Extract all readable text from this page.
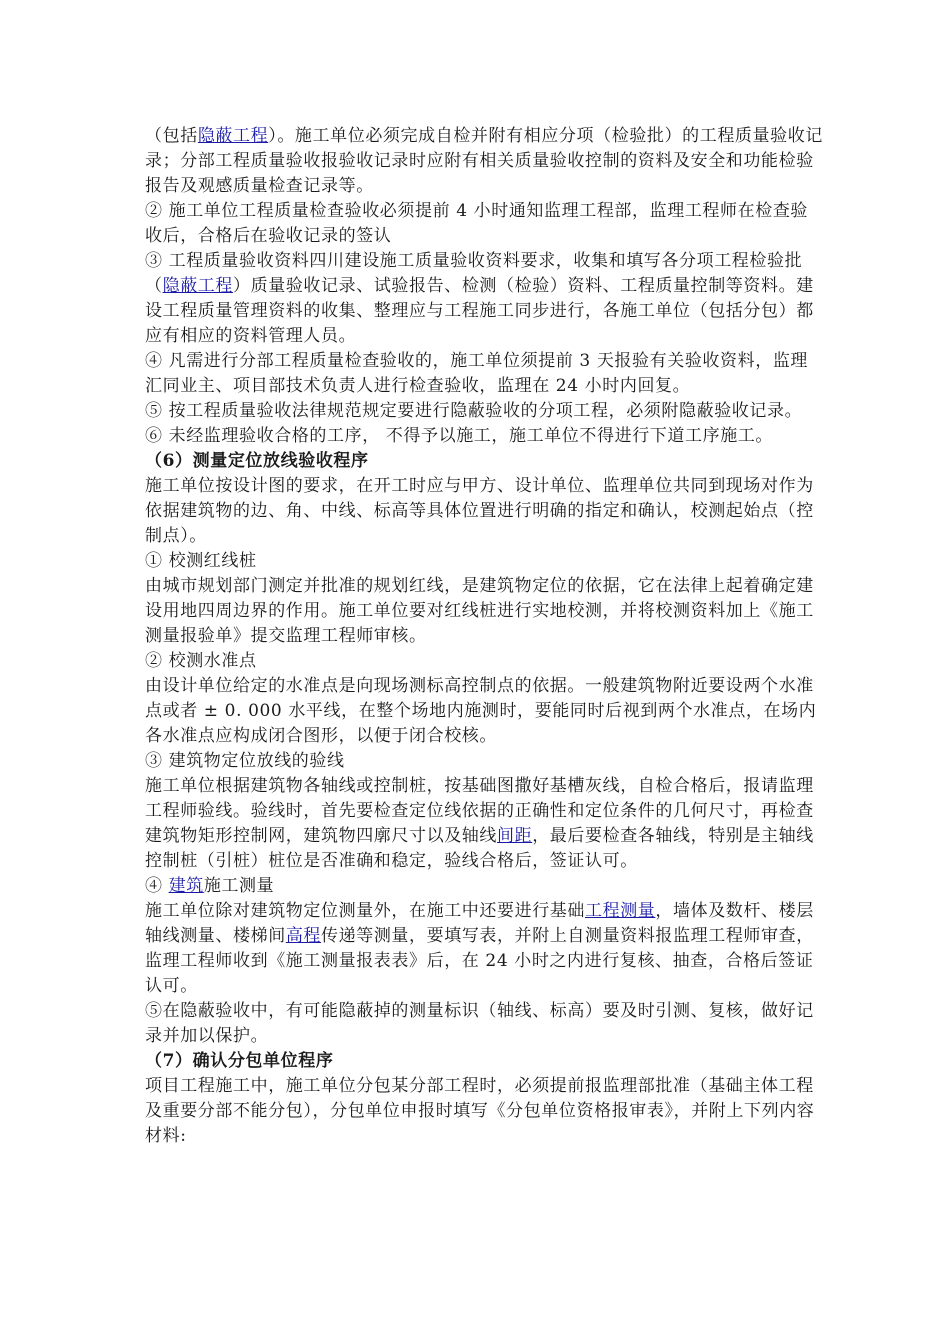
（包括隐蔽工程）。施工单位必须完成自检并附有相应分项（检验批）的工程质量验收记录；分部工程质量验收报验收记录时应附有相关质量验收控制的资料及安全和功能检验报告及观感质量检查记录等。

② 施工单位工程质量检查验收必须提前 4 小时通知监理工程部，监理工程师在检查验收后，合格后在验收记录的签认

③ 工程质量验收资料四川建设施工质量验收资料要求，收集和填写各分项工程检验批（隐蔽工程）质量验收记录、试验报告、检测（检验）资料、工程质量控制等资料。建设工程质量管理资料的收集、整理应与工程施工同步进行，各施工单位（包括分包）都应有相应的资料管理人员。

④ 凡需进行分部工程质量检查验收的，施工单位须提前 3 天报验有关验收资料，监理汇同业主、项目部技术负责人进行检查验收，监理在 24 小时内回复。

⑤ 按工程质量验收法律规范规定要进行隐蔽验收的分项工程，必须附隐蔽验收记录。

⑥ 未经监理验收合格的工序， 不得予以施工，施工单位不得进行下道工序施工。

（6）测量定位放线验收程序

施工单位按设计图的要求，在开工时应与甲方、设计单位、监理单位共同到现场对作为依据建筑物的边、角、中线、标高等具体位置进行明确的指定和确认，校测起始点（控制点）。

① 校测红线桩

由城市规划部门测定并批准的规划红线，是建筑物定位的依据，它在法律上起着确定建设用地四周边界的作用。施工单位要对红线桩进行实地校测，并将校测资料加上《施工测量报验单》提交监理工程师审核。

② 校测水准点

由设计单位给定的水准点是向现场测标高控制点的依据。一般建筑物附近要设两个水准点或者 ± 0. 000 水平线，在整个场地内施测时，要能同时后视到两个水准点，在场内各水准点应构成闭合图形，以便于闭合校核。

③ 建筑物定位放线的验线

施工单位根据建筑物各轴线或控制桩，按基础图撒好基槽灰线，自检合格后，报请监理工程师验线。验线时，首先要检查定位线依据的正确性和定位条件的几何尺寸，再检查建筑物矩形控制网，建筑物四廓尺寸以及轴线间距，最后要检查各轴线，特别是主轴线控制桩（引桩）桩位是否准确和稳定，验线合格后，签证认可。

④ 建筑施工测量

施工单位除对建筑物定位测量外，在施工中还要进行基础工程测量，墙体及数杆、楼层轴线测量、楼梯间高程传递等测量，要填写表，并附上自测量资料报监理工程师审查，监理工程师收到《施工测量报表表》后，在 24 小时之内进行复核、抽查，合格后签证认可。

⑤在隐蔽验收中，有可能隐蔽掉的测量标识（轴线、标高）要及时引测、复核，做好记录并加以保护。

（7）确认分包单位程序

项目工程施工中，施工单位分包某分部工程时，必须提前报监理部批准（基础主体工程及重要分部不能分包），分包单位申报时填写《分包单位资格报审表》，并附上下列内容材料:
